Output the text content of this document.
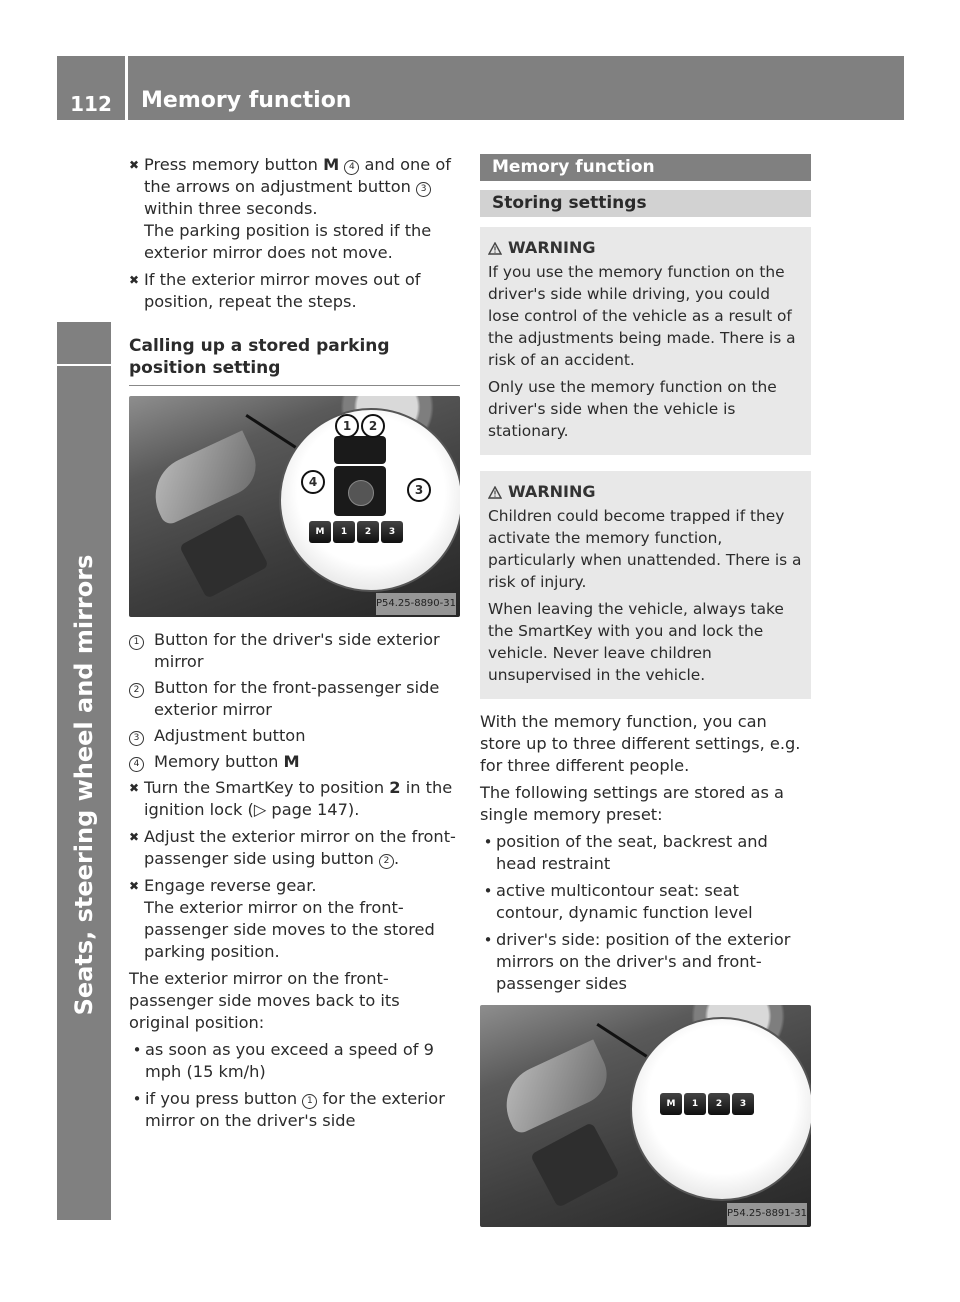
112	Memory function
Seats, steering wheel and mirrors
✖ Press memory button M 4 and one of the arrows on adjustment button 3 within three seconds.
The parking position is stored if the exterior mirror does not move.
✖ If the exterior mirror moves out of position, repeat the steps.
Calling up a stored parking position setting
M	1	2	3
1	2
3
4
P54.25-8890-31
1 Button for the driver's side exterior mirror
2 Button for the front-passenger side exterior mirror
3 Adjustment button
4 Memory button M
✖ Turn the SmartKey to position 2 in the ignition lock (▷ page 147).
✖ Adjust the exterior mirror on the front-passenger side using button 2 .
✖ Engage reverse gear.
The exterior mirror on the front-passenger side moves to the stored parking position.

The exterior mirror on the front-passenger side moves back to its original position:

• as soon as you exceed a speed of 9 mph (15 km/h)
• if you press button 1 for the exterior mirror on the driver's side
Memory function
Storing settings
WARNING

If you use the memory function on the driver's side while driving, you could lose control of the vehicle as a result of the adjustments being made. There is a risk of an accident.

Only use the memory function on the driver's side when the vehicle is stationary.

WARNING

Children could become trapped if they activate the memory function, particularly when unattended. There is a risk of injury.

When leaving the vehicle, always take the SmartKey with you and lock the vehicle. Never leave children unsupervised in the vehicle.

With the memory function, you can store up to three different settings, e.g. for three different people.

The following settings are stored as a single memory preset:

• position of the seat, backrest and head restraint
• active multicontour seat: seat contour, dynamic function level
• driver's side: position of the exterior mirrors on the driver's and front-passenger sides
M	1	2	3
P54.25-8891-31
